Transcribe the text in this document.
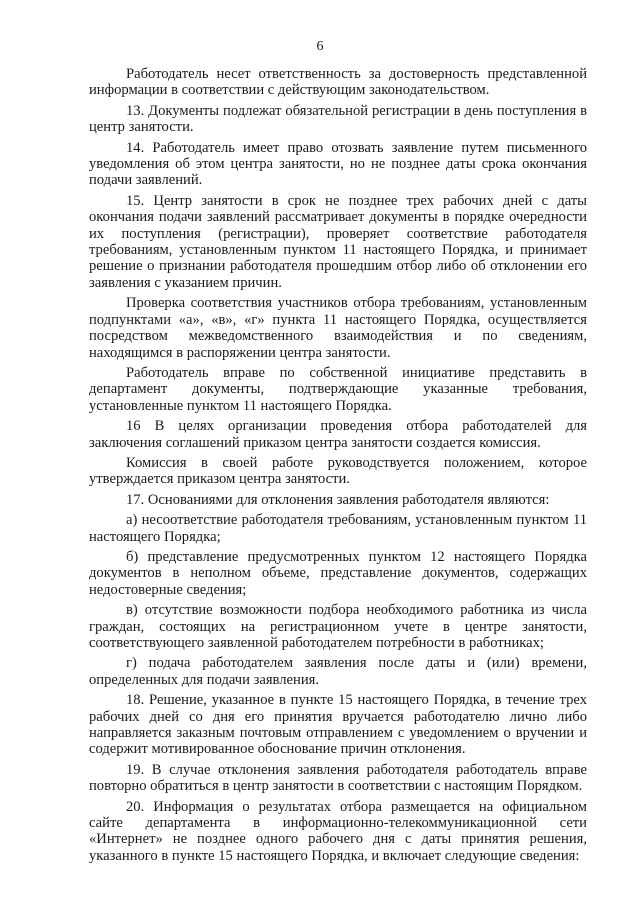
6

Работодатель несет ответственность за достоверность представленной информации в соответствии с действующим законодательством.

13. Документы подлежат обязательной регистрации в день поступления в центр занятости.

14. Работодатель имеет право отозвать заявление путем письменного уведомления об этом центра занятости, но не позднее даты срока окончания подачи заявлений.

15. Центр занятости в срок не позднее трех рабочих дней с даты окончания подачи заявлений рассматривает документы в порядке очередности их поступления (регистрации), проверяет соответствие работодателя требованиям, установленным пунктом 11 настоящего Порядка, и принимает решение о признании работодателя прошедшим отбор либо об отклонении его заявления с указанием причин.

Проверка соответствия участников отбора требованиям, установленным подпунктами «а», «в», «г» пункта 11 настоящего Порядка, осуществляется посредством межведомственного взаимодействия и по сведениям, находящимся в распоряжении центра занятости.

Работодатель вправе по собственной инициативе представить в департамент документы, подтверждающие указанные требования, установленные пунктом 11 настоящего Порядка.

16 В целях организации проведения отбора работодателей для заключения соглашений приказом центра занятости создается комиссия.

Комиссия в своей работе руководствуется положением, которое утверждается приказом центра занятости.

17. Основаниями для отклонения заявления работодателя являются:

а) несоответствие работодателя требованиям, установленным пунктом 11 настоящего Порядка;

б) представление предусмотренных пунктом 12 настоящего Порядка документов в неполном объеме, представление документов, содержащих недостоверные сведения;

в) отсутствие возможности подбора необходимого работника из числа граждан, состоящих на регистрационном учете в центре занятости, соответствующего заявленной работодателем потребности в работниках;

г) подача работодателем заявления после даты и (или) времени, определенных для подачи заявления.

18. Решение, указанное в пункте 15 настоящего Порядка, в течение трех рабочих дней со дня его принятия вручается работодателю лично либо направляется заказным почтовым отправлением с уведомлением о вручении и содержит мотивированное обоснование причин отклонения.

19. В случае отклонения заявления работодателя работодатель вправе повторно обратиться в центр занятости в соответствии с настоящим Порядком.

20. Информация о результатах отбора размещается на официальном сайте департамента в информационно-телекоммуникационной сети «Интернет» не позднее одного рабочего дня с даты принятия решения, указанного в пункте 15 настоящего Порядка, и включает следующие сведения:
